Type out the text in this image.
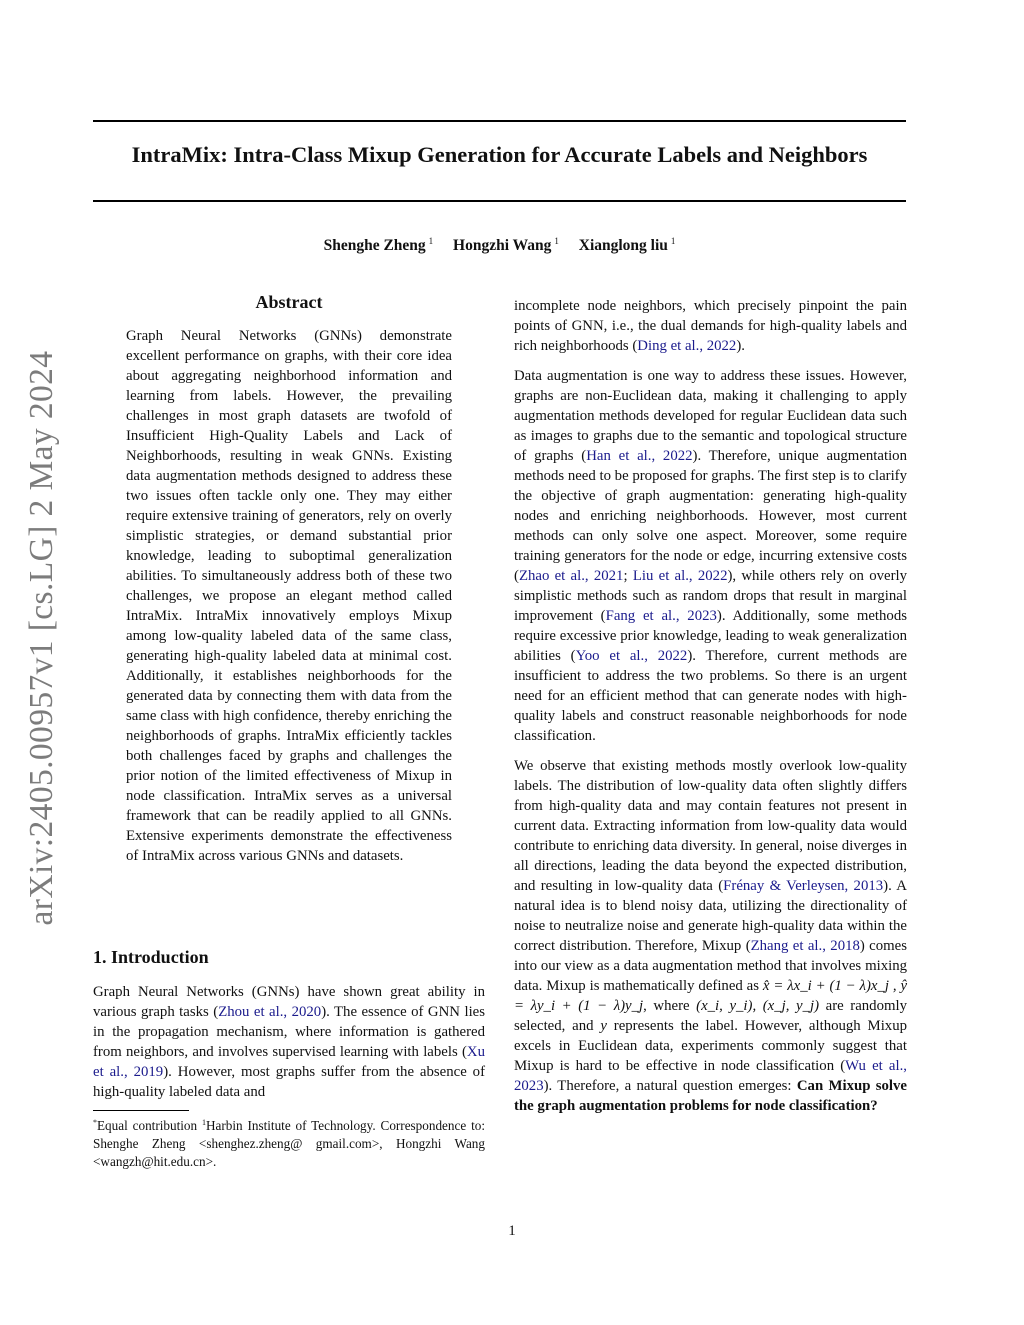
arXiv:2405.00957v1 [cs.LG] 2 May 2024
IntraMix: Intra-Class Mixup Generation for Accurate Labels and Neighbors
Shenghe Zheng $^1$ Hongzhi Wang $^1$ Xianglong liu $^1$
Abstract
Graph Neural Networks (GNNs) demonstrate excellent performance on graphs, with their core idea about aggregating neighborhood information and learning from labels. However, the prevailing challenges in most graph datasets are twofold of Insufficient High-Quality Labels and Lack of Neighborhoods, resulting in weak GNNs. Existing data augmentation methods designed to address these two issues often tackle only one. They may either require extensive training of generators, rely on overly simplistic strategies, or demand substantial prior knowledge, leading to suboptimal generalization abilities. To simultaneously address both of these two challenges, we propose an elegant method called IntraMix. IntraMix innovatively employs Mixup among low-quality labeled data of the same class, generating high-quality labeled data at minimal cost. Additionally, it establishes neighborhoods for the generated data by connecting them with data from the same class with high confidence, thereby enriching the neighborhoods of graphs. IntraMix efficiently tackles both challenges faced by graphs and challenges the prior notion of the limited effectiveness of Mixup in node classification. IntraMix serves as a universal framework that can be readily applied to all GNNs. Extensive experiments demonstrate the effectiveness of IntraMix across various GNNs and datasets.
1. Introduction
Graph Neural Networks (GNNs) have shown great ability in various graph tasks (Zhou et al., 2020). The essence of GNN lies in the propagation mechanism, where information is gathered from neighbors, and involves supervised learning with labels (Xu et al., 2019). However, most graphs suffer from the absence of high-quality labeled data and
*Equal contribution $^1$Harbin Institute of Technology. Correspondence to: Shenghe Zheng <shenghez.zheng@ gmail.com>, Hongzhi Wang <wangzh@hit.edu.cn>.

incomplete node neighbors, which precisely pinpoint the pain points of GNN, i.e., the dual demands for high-quality labels and rich neighborhoods (Ding et al., 2022).

Data augmentation is one way to address these issues. However, graphs are non-Euclidean data, making it challenging to apply augmentation methods developed for regular Euclidean data such as images to graphs due to the semantic and topological structure of graphs (Han et al., 2022). Therefore, unique augmentation methods need to be proposed for graphs. The first step is to clarify the objective of graph augmentation: generating high-quality nodes and enriching neighborhoods. However, most current methods can only solve one aspect. Moreover, some require training generators for the node or edge, incurring extensive costs (Zhao et al., 2021; Liu et al., 2022), while others rely on overly simplistic methods such as random drops that result in marginal improvement (Fang et al., 2023). Additionally, some methods require excessive prior knowledge, leading to weak generalization abilities (Yoo et al., 2022). Therefore, current methods are insufficient to address the two problems. So there is an urgent need for an efficient method that can generate nodes with high-quality labels and construct reasonable neighborhoods for node classification.

We observe that existing methods mostly overlook low-quality labels. The distribution of low-quality data often slightly differs from high-quality data and may contain features not present in current data. Extracting information from low-quality data would contribute to enriching data diversity. In general, noise diverges in all directions, leading the data beyond the expected distribution, and resulting in low-quality data (Frénay & Verleysen, 2013). A natural idea is to blend noisy data, utilizing the directionality of noise to neutralize noise and generate high-quality data within the correct distribution. Therefore, Mixup (Zhang et al., 2018) comes into our view as a data augmentation method that involves mixing data. Mixup is mathematically defined as x̂ = λx_i + (1 − λ)x_j , ŷ = λy_i + (1 − λ)y_j, where (x_i, y_i), (x_j, y_j) are randomly selected, and y represents the label. However, although Mixup excels in Euclidean data, experiments commonly suggest that Mixup is hard to be effective in node classification (Wu et al., 2023). Therefore, a natural question emerges: Can Mixup solve the graph augmentation problems for node classification?

1
